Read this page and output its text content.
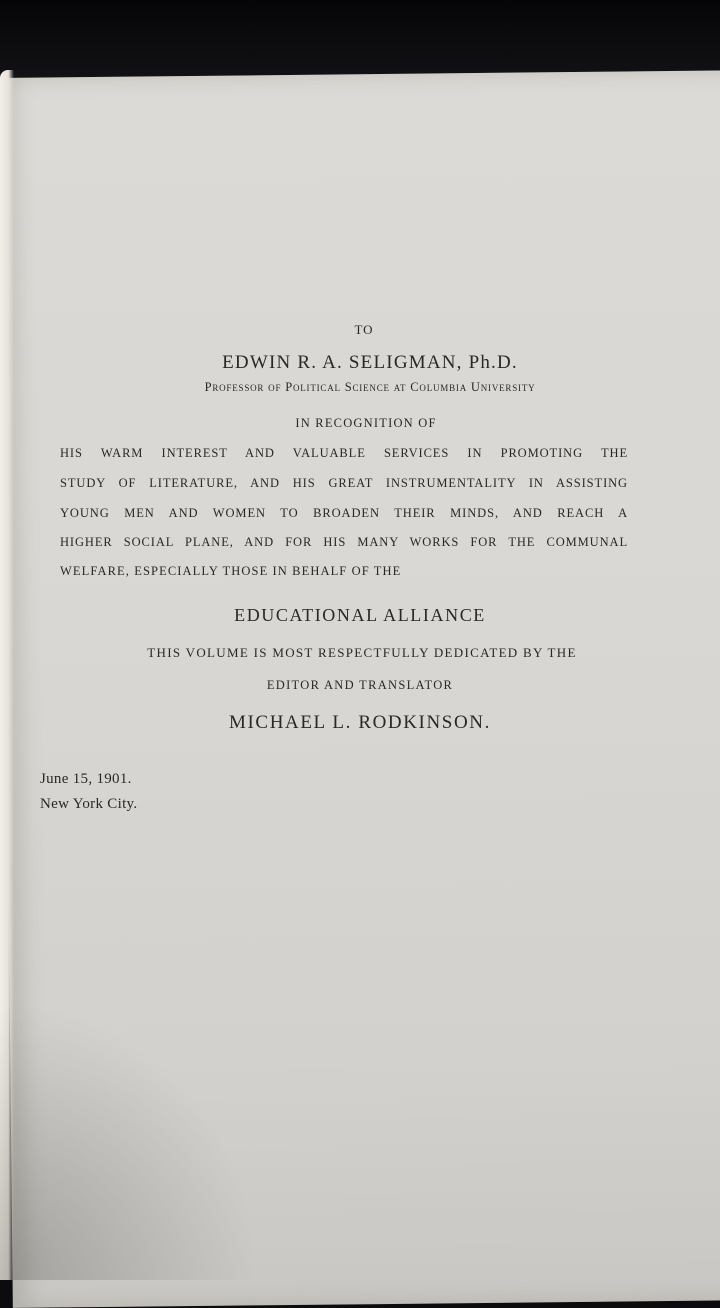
TO
EDWIN R. A. SELIGMAN, Ph.D.
Professor of Political Science at Columbia University
IN RECOGNITION OF
HIS WARM INTEREST AND VALUABLE SERVICES IN PROMOTING THE
STUDY OF LITERATURE, AND HIS GREAT INSTRUMENTALITY IN ASSISTING
YOUNG MEN AND WOMEN TO BROADEN THEIR MINDS, AND REACH A
HIGHER SOCIAL PLANE, AND FOR HIS MANY WORKS FOR THE COMMUNAL
WELFARE, ESPECIALLY THOSE IN BEHALF OF THE
EDUCATIONAL ALLIANCE
THIS VOLUME IS MOST RESPECTFULLY DEDICATED BY THE
EDITOR AND TRANSLATOR
MICHAEL L. RODKINSON.
June 15, 1901.
New York City.
